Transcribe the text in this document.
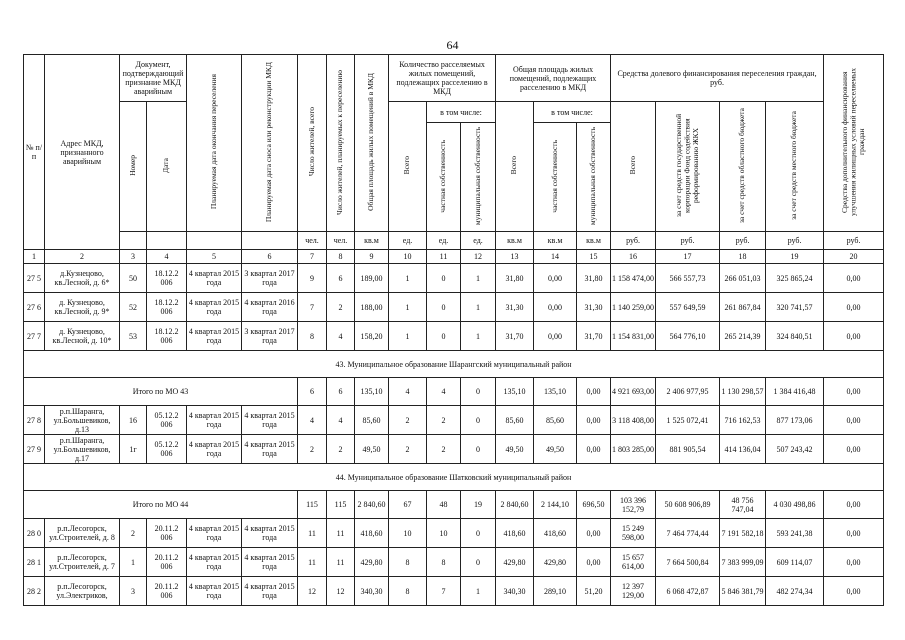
64
№ п/ п	Адрес МКД, признанного аварийным	Документ, подтверждающий признание МКД аварийным		Планируемая дата окончания переселения	Планируемая дата сноса или реконструкции МКД	Число жителей, всего	Число жителей, планируемых к переселению	Общая площадь жилых помещений в МКД	Количество расселяемых жилых помещений, подлежащих расселению в МКД			Общая площадь жилых помещений, подлежащих расселению в МКД			Средства долевого финансирования переселения граждан, руб.				Средства дополнительного финансирования улучшения жилищных условий переселяемых граждан
		Номер	Дата						Всего	в том числе:		Всего	в том числе:		Всего	за счет средств государственной корпорации Фонд содействия реформированию ЖКХ	за счет средств областного бюджета	за счет средств местного бюджета	
										частная собственность	муниципальная собственность		частная собственность	муниципальная собственность					
						чел.	чел.	кв.м	ед.	ед.	ед.	кв.м	кв.м	кв.м	руб.	руб.	руб.	руб.	руб.
1	2	3	4	5	6	7	8	9	10	11	12	13	14	15	16	17	18	19	20
27 5	д.Кузнецово, кв.Лесной, д. 6*	50	18.12.2 006	4 квартал 2015 года	3 квартал 2017 года	9	6	189,00	1	0	1	31,80	0,00	31,80	1 158 474,00	566 557,73	266 051,03	325 865,24	0,00
27 6	д. Кузнецово, кв.Лесной, д. 9*	52	18.12.2 006	4 квартал 2015 года	4 квартал 2016 года	7	2	188,00	1	0	1	31,30	0,00	31,30	1 140 259,00	557 649,59	261 867,84	320 741,57	0,00
27 7	д. Кузнецово, кв.Лесной, д. 10*	53	18.12.2 006	4 квартал 2015 года	3 квартал 2017 года	8	4	158,20	1	0	1	31,70	0,00	31,70	1 154 831,00	564 776,10	265 214,39	324 840,51	0,00
43. Муниципальное образование Шарангский муниципальный район																			
Итого по МО 43						6	6	135,10	4	4	0	135,10	135,10	0,00	4 921 693,00	2 406 977,95	1 130 298,57	1 384 416,48	0,00
27 8	р.п.Шаранга, ул.Большевиков, д.13	16	05.12.2 006	4 квартал 2015 года	4 квартал 2015 года	4	4	85,60	2	2	0	85,60	85,60	0,00	3 118 408,00	1 525 072,41	716 162,53	877 173,06	0,00
27 9	р.п.Шаранга, ул.Большевиков, д.17	1г	05.12.2 006	4 квартал 2015 года	4 квартал 2015 года	2	2	49,50	2	2	0	49,50	49,50	0,00	1 803 285,00	881 905,54	414 136,04	507 243,42	0,00
44. Муниципальное образование Шатковский муниципальный район																			
Итого по МО 44						115	115	2 840,60	67	48	19	2 840,60	2 144,10	696,50	103 396 152,79	50 608 906,89	48 756 747,04	4 030 498,86	0,00
28 0	р.п.Лесогорск, ул.Строителей, д. 8	2	20.11.2 006	4 квартал 2015 года	4 квартал 2015 года	11	11	418,60	10	10	0	418,60	418,60	0,00	15 249 598,00	7 464 774,44	7 191 582,18	593 241,38	0,00
28 1	р.п.Лесогорск, ул.Строителей, д. 7	1	20.11.2 006	4 квартал 2015 года	4 квартал 2015 года	11	11	429,80	8	8	0	429,80	429,80	0,00	15 657 614,00	7 664 500,84	7 383 999,09	609 114,07	0,00
28 2	р.п.Лесогорск, ул.Электриков,	3	20.11.2 006	4 квартал 2015 года	4 квартал 2015 года	12	12	340,30	8	7	1	340,30	289,10	51,20	12 397 129,00	6 068 472,87	5 846 381,79	482 274,34	0,00
